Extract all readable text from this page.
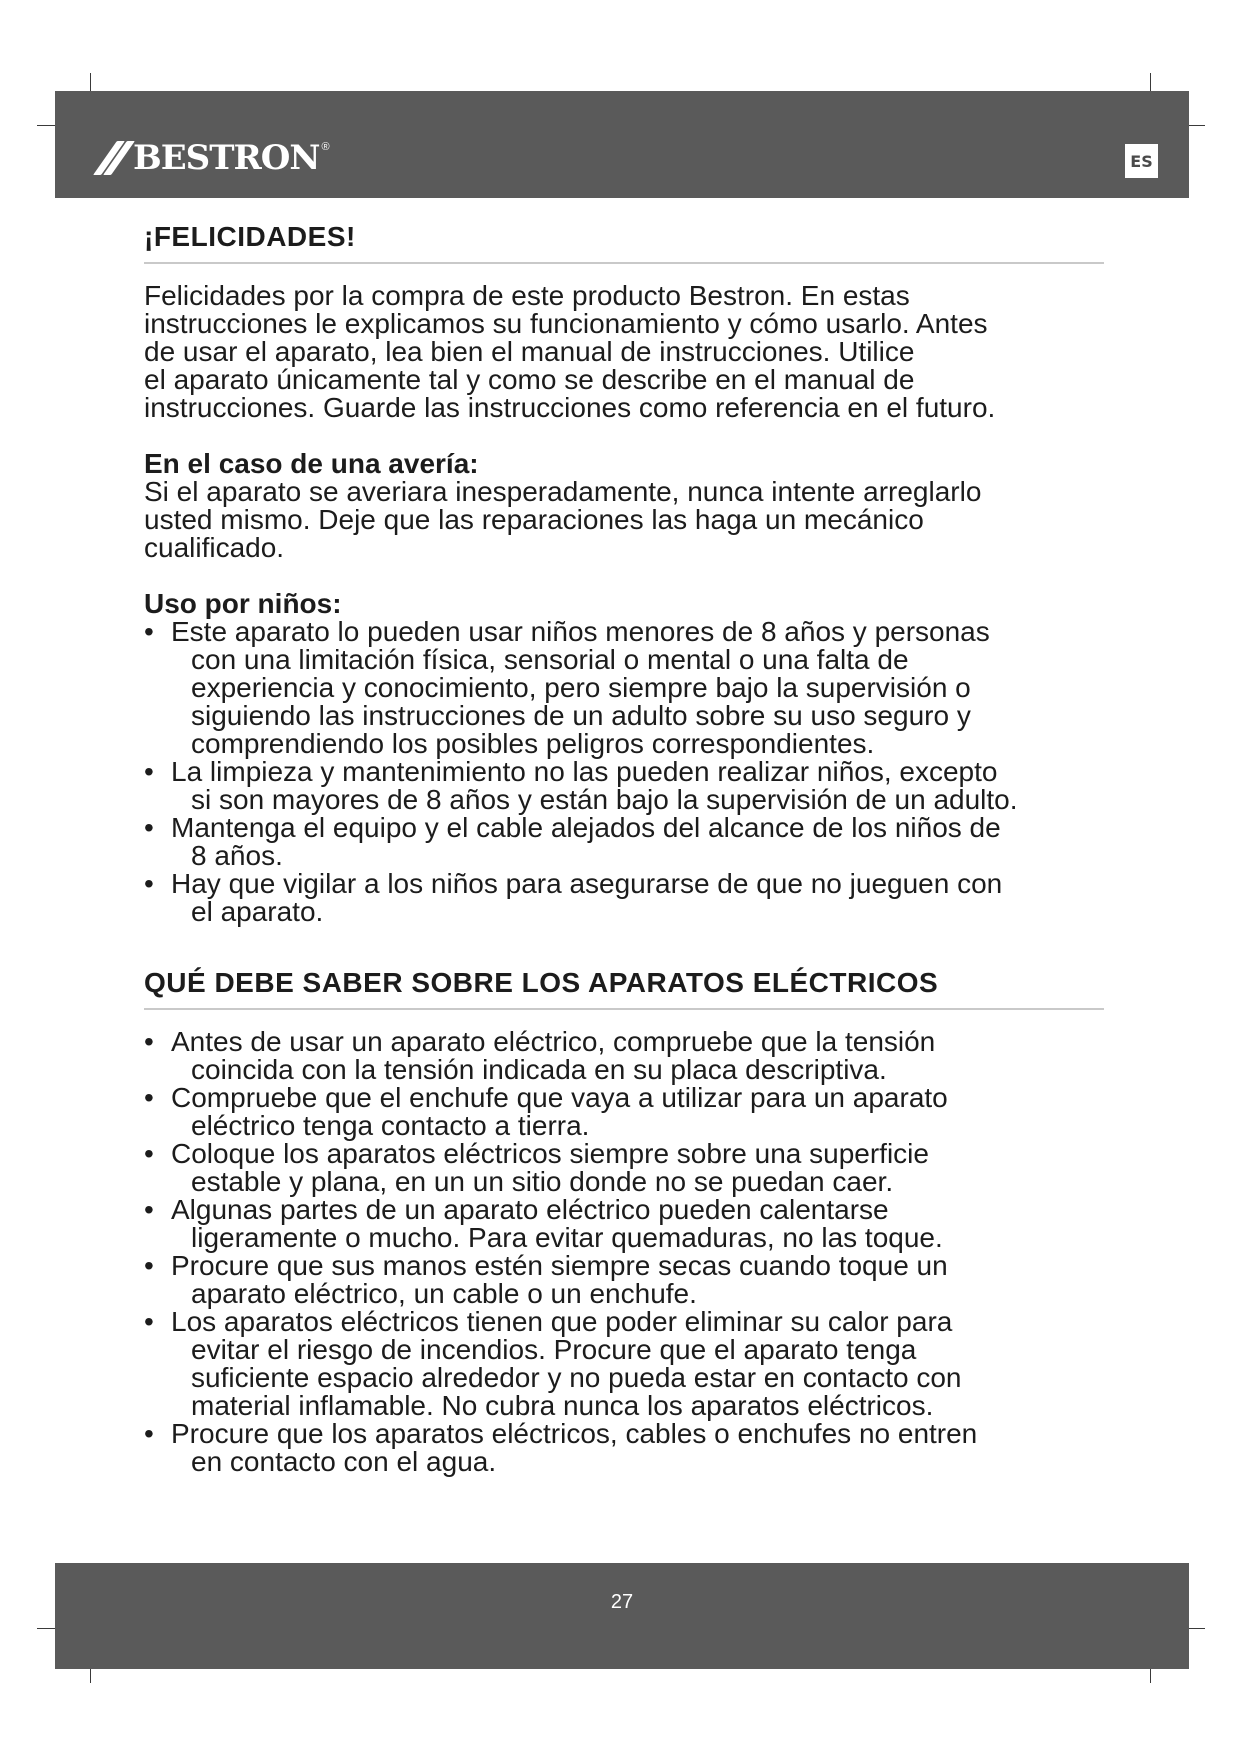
BESTRON ®
ES
¡FELICIDADES!

Felicidades por la compra de este producto Bestron. En estas

instrucciones le explicamos su funcionamiento y cómo usarlo. Antes

de usar el aparato, lea bien el manual de instrucciones. Utilice

el aparato únicamente tal y como se describe en el manual de

instrucciones. Guarde las instrucciones como referencia en el futuro.

En el caso de una avería:

Si el aparato se averiara inesperadamente, nunca intente arreglarlo

usted mismo. Deje que las reparaciones las haga un mecánico

cualificado.

Uso por niños:

• Este aparato lo pueden usar niños menores de 8 años y personas
con una limitación física, sensorial o mental o una falta de
experiencia y conocimiento, pero siempre bajo la supervisión o
siguiendo las instrucciones de un adulto sobre su uso seguro y
comprendiendo los posibles peligros correspondientes.
• La limpieza y mantenimiento no las pueden realizar niños, excepto
si son mayores de 8 años y están bajo la supervisión de un adulto.
• Mantenga el equipo y el cable alejados del alcance de los niños de
8 años.
• Hay que vigilar a los niños para asegurarse de que no jueguen con
el aparato.
QUÉ DEBE SABER SOBRE LOS APARATOS ELÉCTRICOS
• Antes de usar un aparato eléctrico, compruebe que la tensión
coincida con la tensión indicada en su placa descriptiva.
• Compruebe que el enchufe que vaya a utilizar para un aparato
eléctrico tenga contacto a tierra.
• Coloque los aparatos eléctricos siempre sobre una superficie
estable y plana, en un un sitio donde no se puedan caer.
• Algunas partes de un aparato eléctrico pueden calentarse
ligeramente o mucho. Para evitar quemaduras, no las toque.
• Procure que sus manos estén siempre secas cuando toque un
aparato eléctrico, un cable o un enchufe.
• Los aparatos eléctricos tienen que poder eliminar su calor para
evitar el riesgo de incendios. Procure que el aparato tenga
suficiente espacio alrededor y no pueda estar en contacto con
material inflamable. No cubra nunca los aparatos eléctricos.
• Procure que los aparatos eléctricos, cables o enchufes no entren
en contacto con el agua.
27
